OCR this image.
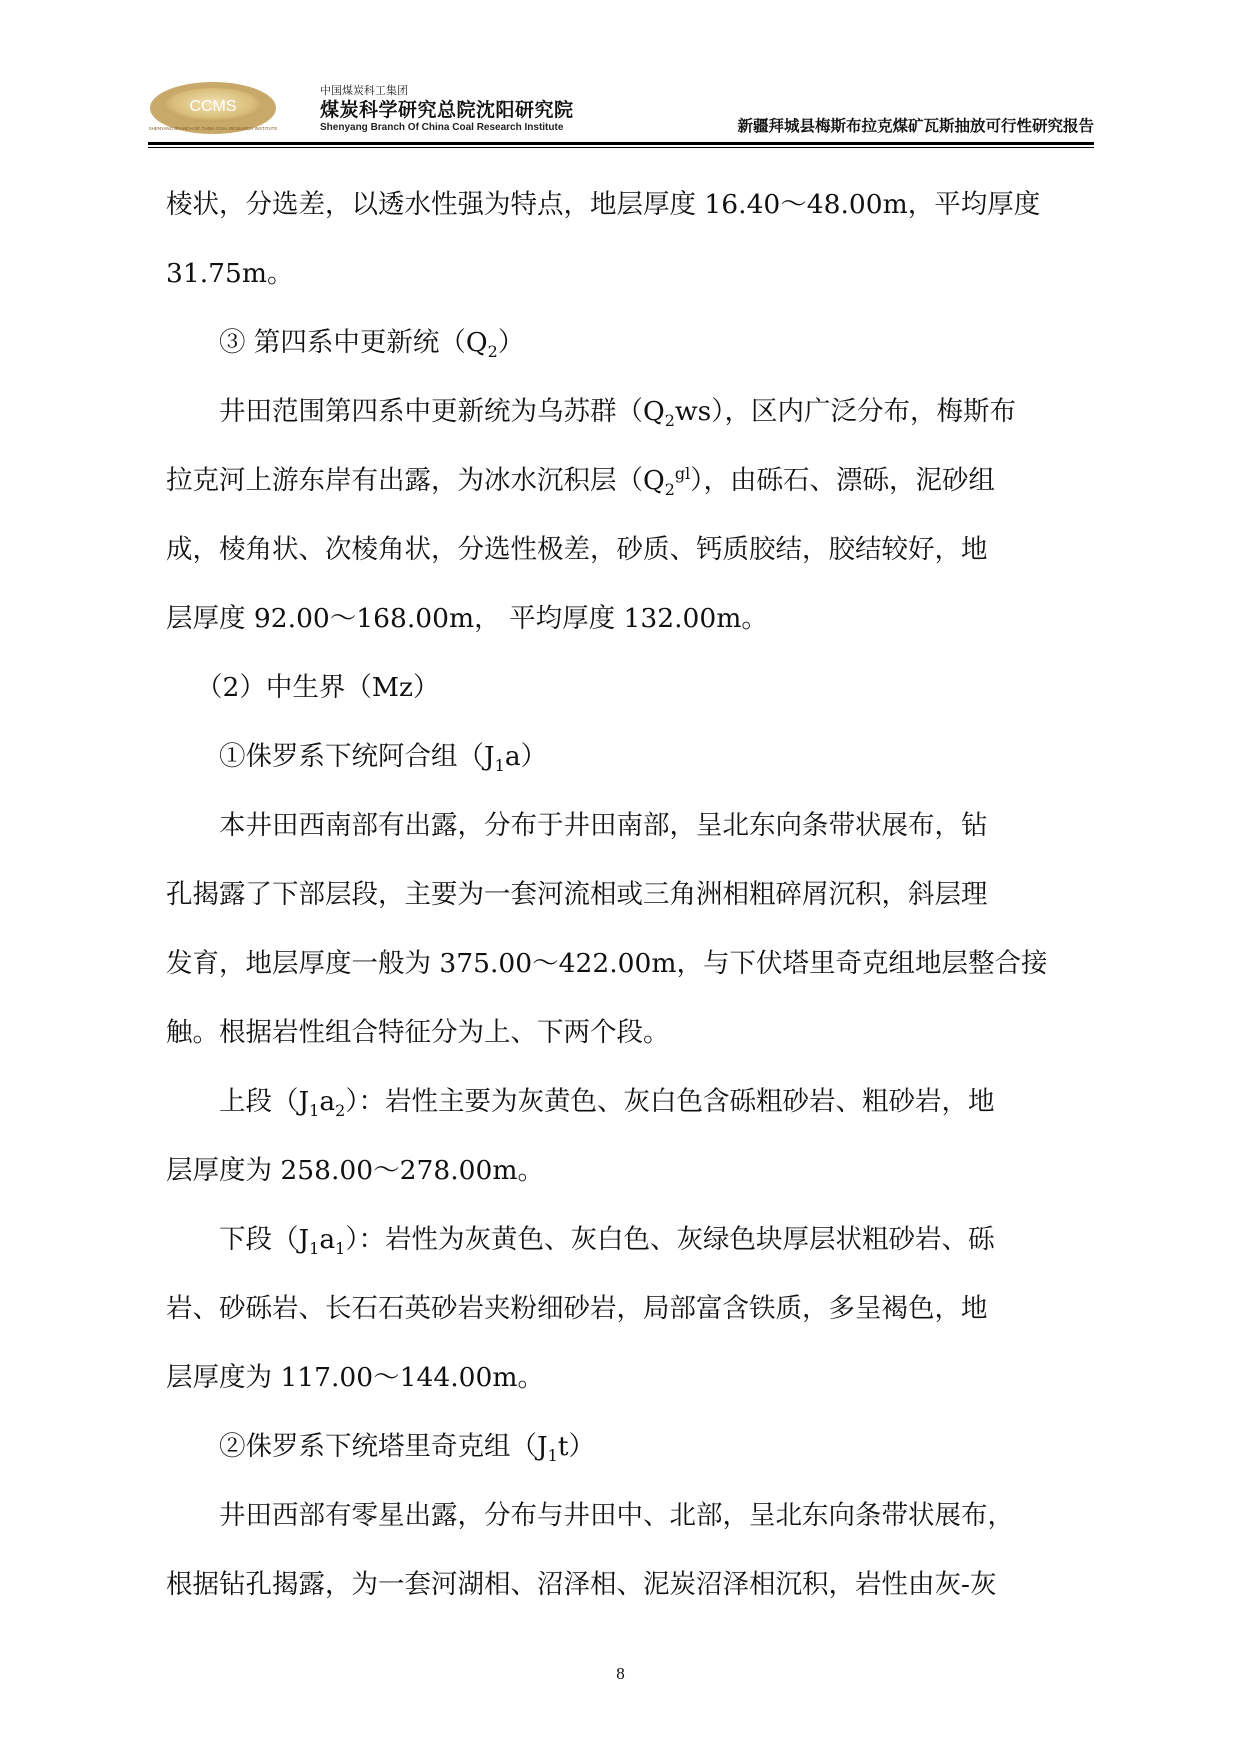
CCMS
SHENYANG BRANCH OF CHINA COAL RESEARCH INSTITUTE
中国煤炭科工集团
煤炭科学研究总院沈阳研究院
Shenyang Branch Of China Coal Research Institute	新疆拜城县梅斯布拉克煤矿瓦斯抽放可行性研究报告

棱状，分选差，以透水性强为特点，地层厚度 16.40～48.00m，平均厚度

31.75m。

③ 第四系中更新统$(Q_2)$

井田范围第四系中更新统为乌苏群$(Q_2ws)$，区内广泛分布，梅斯布

拉克河上游东岸有出露，为冰水沉积层$(Q_2^{gl})$，由砾石、漂砾，泥砂组

成，棱角状、次棱角状，分选性极差，砂质、钙质胶结，胶结较好，地

层厚度 92.00～168.00m， 平均厚度 132.00m。

（2）中生界（Mz）

①侏罗系下统阿合组$(J_1a)$

本井田西南部有出露，分布于井田南部，呈北东向条带状展布，钻

孔揭露了下部层段，主要为一套河流相或三角洲相粗碎屑沉积，斜层理

发育，地层厚度一般为 375.00～422.00m，与下伏塔里奇克组地层整合接

触。根据岩性组合特征分为上、下两个段。

上段$(J_1a_2)$：岩性主要为灰黄色、灰白色含砾粗砂岩、粗砂岩，地

层厚度为 258.00～278.00m。

下段$(J_1a_1)$：岩性为灰黄色、灰白色、灰绿色块厚层状粗砂岩、砾

岩、砂砾岩、长石石英砂岩夹粉细砂岩，局部富含铁质，多呈褐色，地

层厚度为 117.00～144.00m。

②侏罗系下统塔里奇克组$(J_1t)$

井田西部有零星出露，分布与井田中、北部，呈北东向条带状展布，

根据钻孔揭露，为一套河湖相、沼泽相、泥炭沼泽相沉积，岩性由灰-灰

8
